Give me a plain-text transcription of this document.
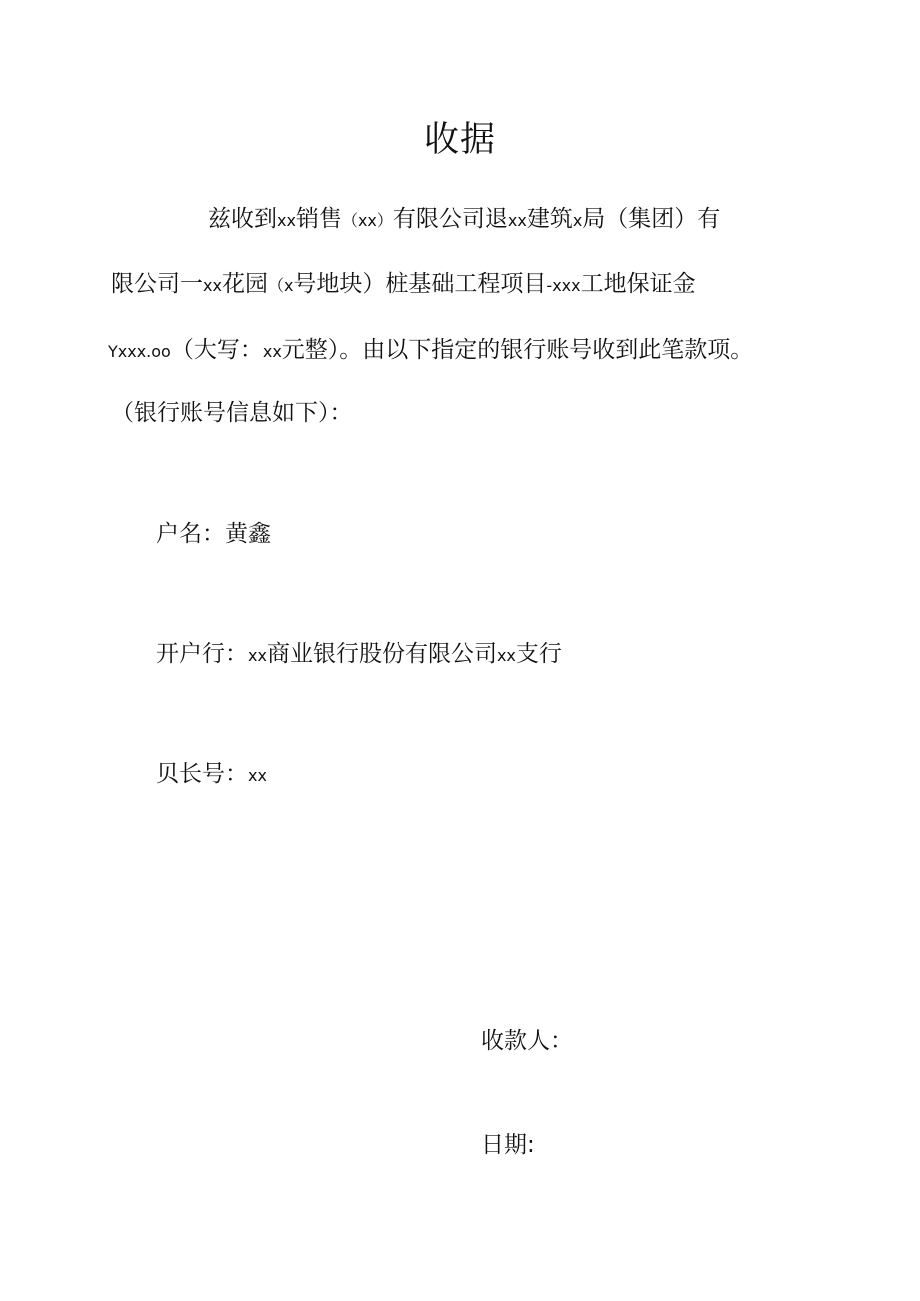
收据
兹收到xx销售（xx）有限公司退xx建筑x局（集团）有
限公司一xx花园（x号地块）桩基础工程项目-xxx工地保证金
Yxxx.oo（大写：xx元整）。由以下指定的银行账号收到此笔款项。
（银行账号信息如下）：
户名：黄鑫
开户行：xx商业银行股份有限公司xx支行
贝长号：xx
收款人：
日期:
